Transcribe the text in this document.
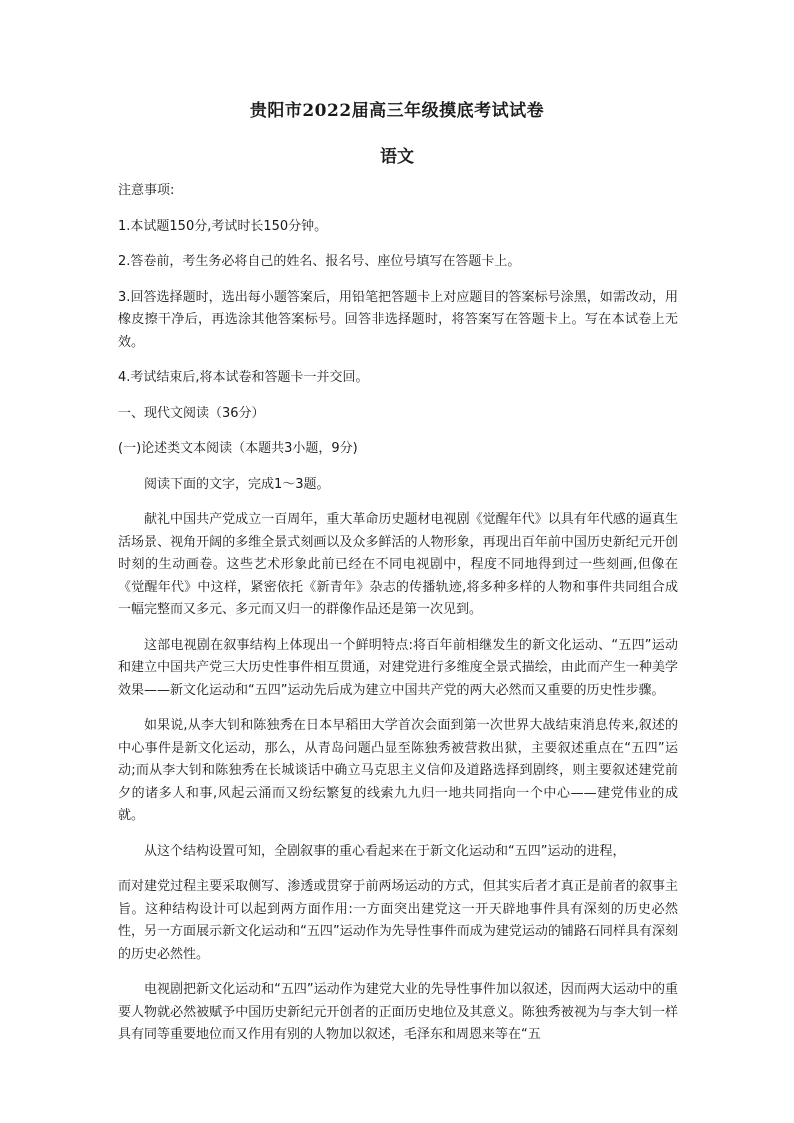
贵阳市2022届高三年级摸底考试试卷
语文

注意事项:

1.本试题150分,考试时长150分钟。

2.答卷前，考生务必将自己的姓名、报名号、座位号填写在答题卡上。

3.回答选择题时，选出每小题答案后，用铅笔把答题卡上对应题目的答案标号涂黑，如需改动，用橡皮擦干净后，再选涂其他答案标号。回答非选择题时，将答案写在答题卡上。写在本试卷上无效。

4.考试结束后,将本试卷和答题卡一并交回。

一、现代文阅读（36分）

(一)论述类文本阅读（本题共3小题，9分)

阅读下面的文字，完成1～3题。

献礼中国共产党成立一百周年，重大革命历史题材电视剧《觉醒年代》以具有年代感的逼真生活场景、视角开阔的多维全景式刻画以及众多鲜活的人物形象，再现出百年前中国历史新纪元开创时刻的生动画卷。这些艺术形象此前已经在不同电视剧中，程度不同地得到过一些刻画,但像在《觉醒年代》中这样，紧密依托《新青年》杂志的传播轨迹,将多种多样的人物和事件共同组合成一幅完整而又多元、多元而又归一的群像作品还是第一次见到。

这部电视剧在叙事结构上体现出一个鲜明特点:将百年前相继发生的新文化运动、“五四”运动和建立中国共产党三大历史性事件相互贯通，对建党进行多维度全景式描绘，由此而产生一种美学效果——新文化运动和“五四”运动先后成为建立中国共产党的两大必然而又重要的历史性步骤。

如果说,从李大钊和陈独秀在日本早稻田大学首次会面到第一次世界大战结束消息传来,叙述的中心事件是新文化运动，那么，从青岛问题凸显至陈独秀被营救出狱，主要叙述重点在“五四”运动;而从李大钊和陈独秀在长城谈话中确立马克思主义信仰及道路选择到剧终，则主要叙述建党前夕的诸多人和事,风起云涌而又纷纭繁复的线索九九归一地共同指向一个中心——建党伟业的成就。

从这个结构设置可知，全剧叙事的重心看起来在于新文化运动和“五四”运动的进程，

而对建党过程主要采取侧写、渗透或贯穿于前两场运动的方式，但其实后者才真正是前者的叙事主旨。这种结构设计可以起到两方面作用:一方面突出建党这一开天辟地事件具有深刻的历史必然性，另一方面展示新文化运动和“五四”运动作为先导性事件而成为建党运动的铺路石同样具有深刻的历史必然性。

电视剧把新文化运动和“五四”运动作为建党大业的先导性事件加以叙述，因而两大运动中的重要人物就必然被赋予中国历史新纪元开创者的正面历史地位及其意义。陈独秀被视为与李大钊一样具有同等重要地位而又作用有别的人物加以叙述，毛泽东和周恩来等在“五
